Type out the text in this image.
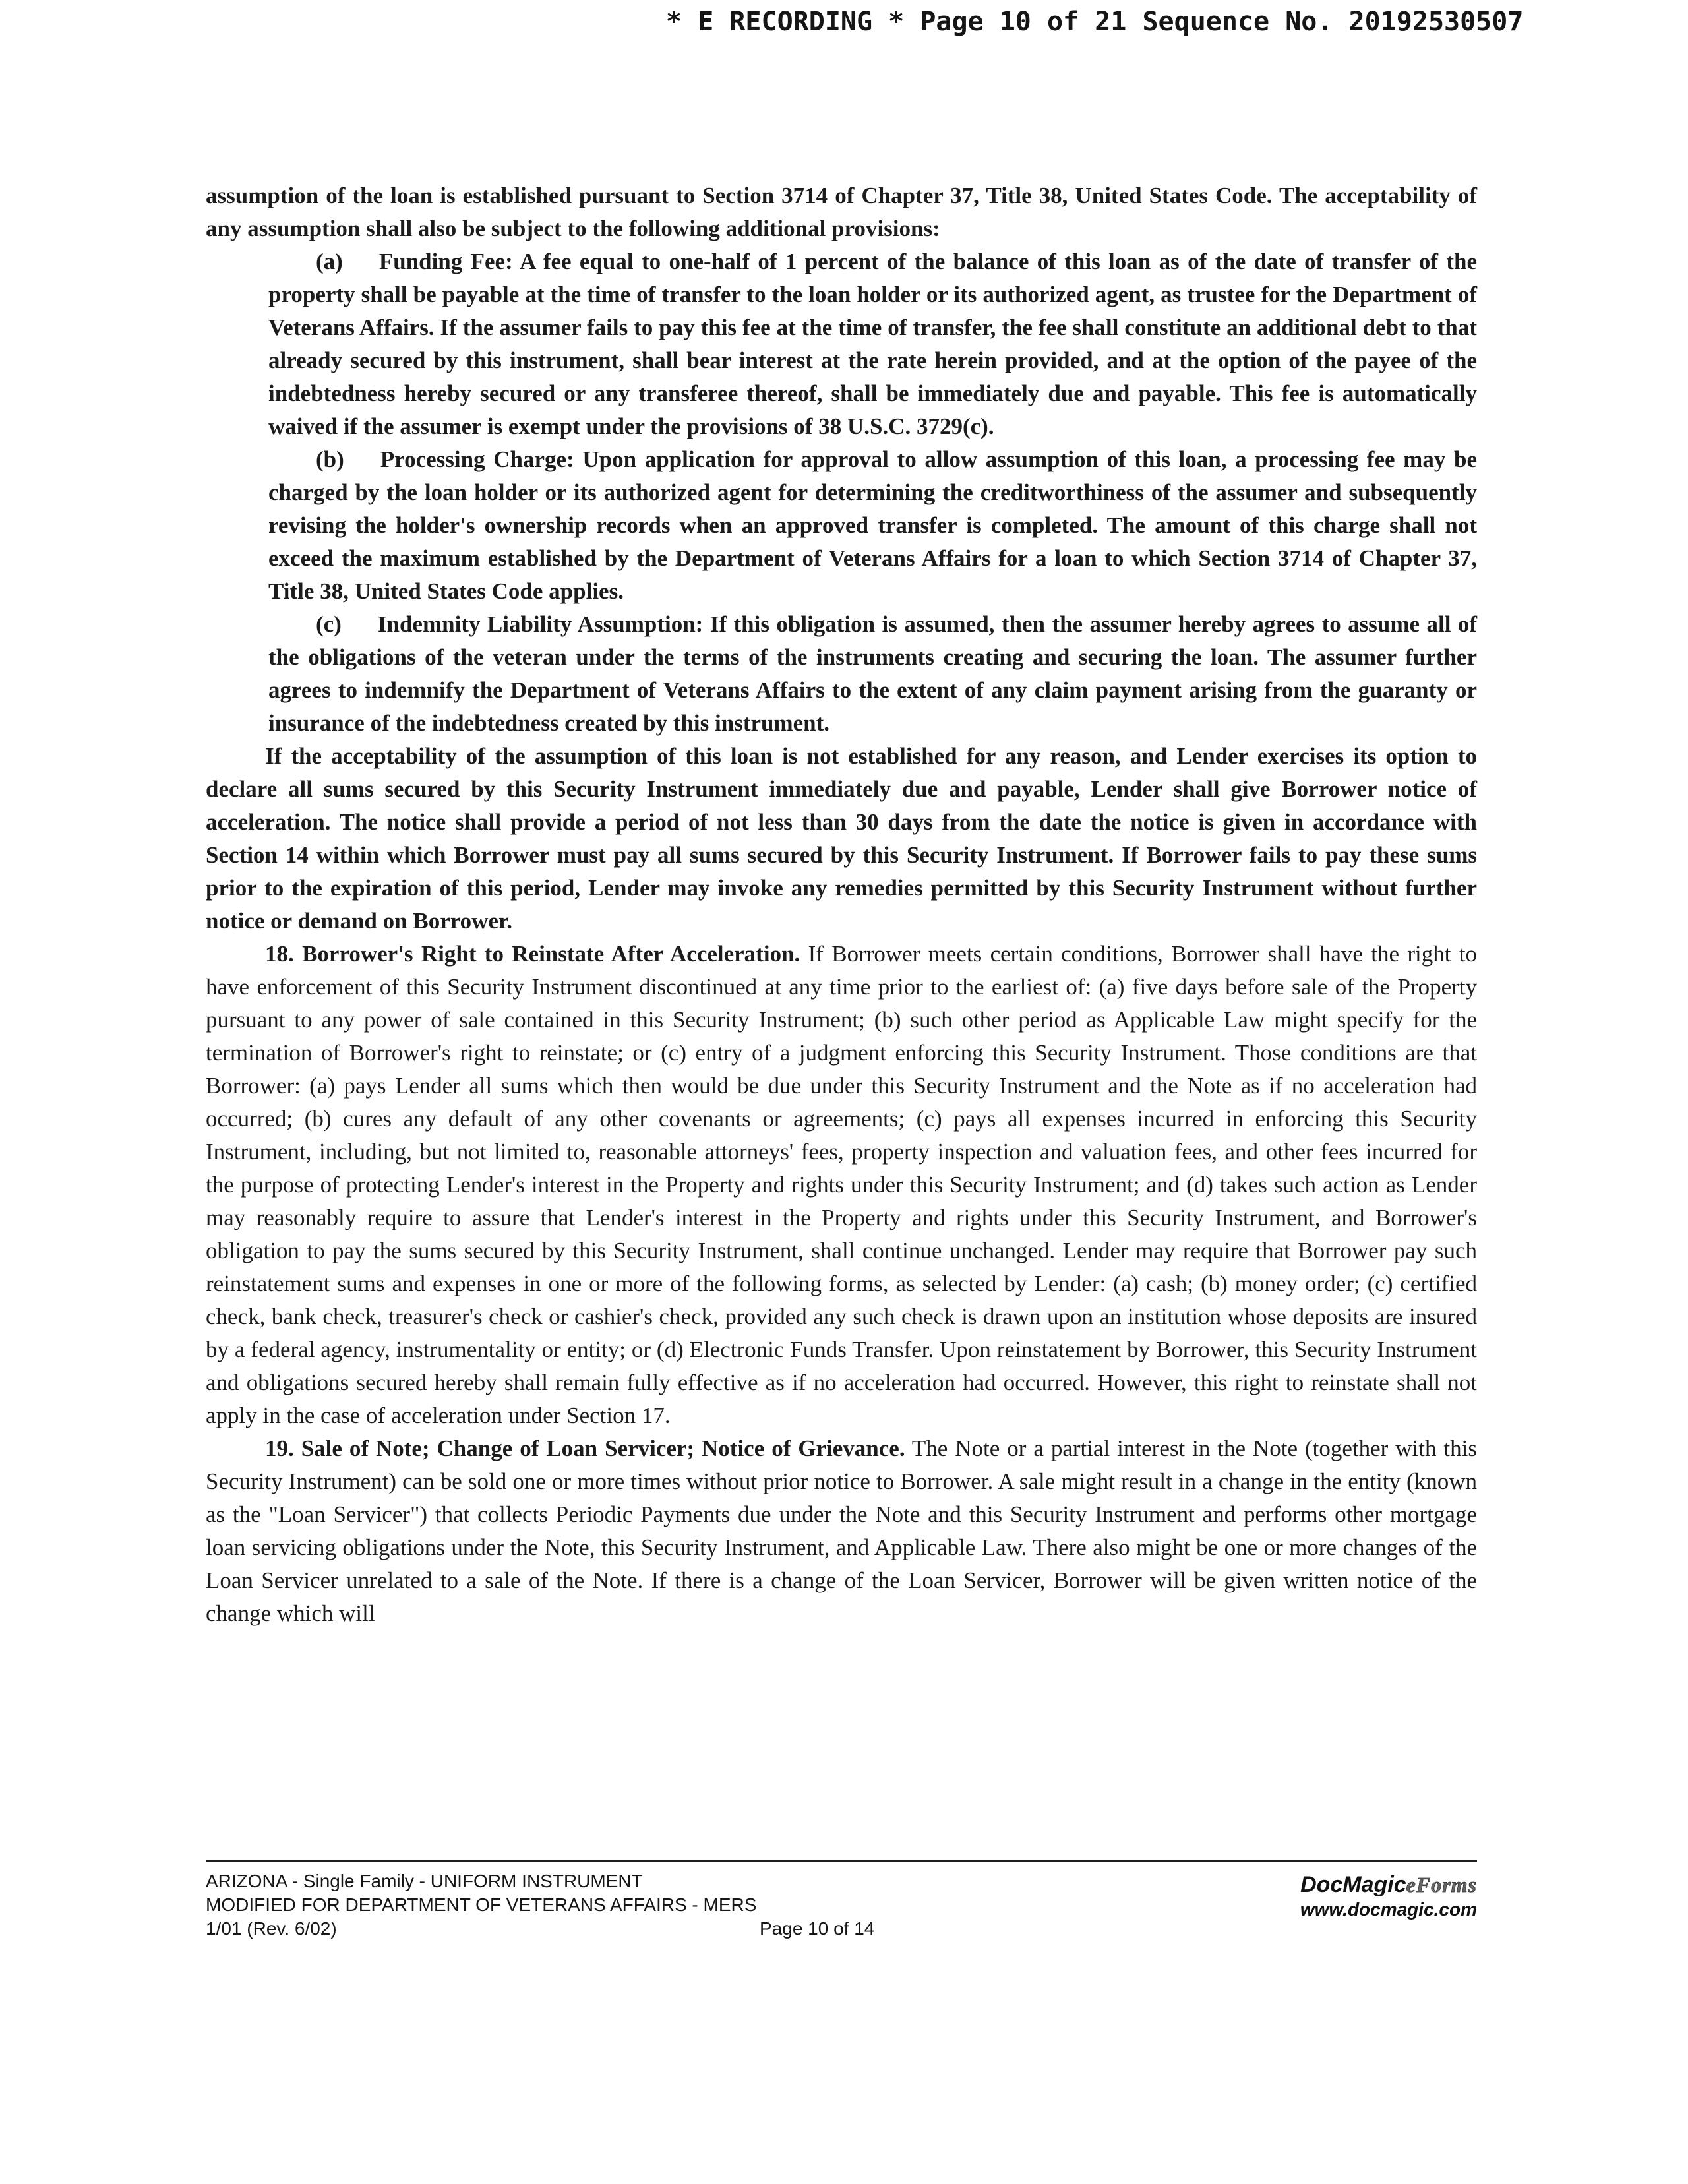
* E RECORDING * Page 10 of 21 Sequence No. 20192530507

assumption of the loan is established pursuant to Section 3714 of Chapter 37, Title 38, United States Code. The acceptability of any assumption shall also be subject to the following additional provisions:

(a) Funding Fee: A fee equal to one-half of 1 percent of the balance of this loan as of the date of transfer of the property shall be payable at the time of transfer to the loan holder or its authorized agent, as trustee for the Department of Veterans Affairs. If the assumer fails to pay this fee at the time of transfer, the fee shall constitute an additional debt to that already secured by this instrument, shall bear interest at the rate herein provided, and at the option of the payee of the indebtedness hereby secured or any transferee thereof, shall be immediately due and payable. This fee is automatically waived if the assumer is exempt under the provisions of 38 U.S.C. 3729(c).

(b) Processing Charge: Upon application for approval to allow assumption of this loan, a processing fee may be charged by the loan holder or its authorized agent for determining the creditworthiness of the assumer and subsequently revising the holder's ownership records when an approved transfer is completed. The amount of this charge shall not exceed the maximum established by the Department of Veterans Affairs for a loan to which Section 3714 of Chapter 37, Title 38, United States Code applies.

(c) Indemnity Liability Assumption: If this obligation is assumed, then the assumer hereby agrees to assume all of the obligations of the veteran under the terms of the instruments creating and securing the loan. The assumer further agrees to indemnify the Department of Veterans Affairs to the extent of any claim payment arising from the guaranty or insurance of the indebtedness created by this instrument.

If the acceptability of the assumption of this loan is not established for any reason, and Lender exercises its option to declare all sums secured by this Security Instrument immediately due and payable, Lender shall give Borrower notice of acceleration. The notice shall provide a period of not less than 30 days from the date the notice is given in accordance with Section 14 within which Borrower must pay all sums secured by this Security Instrument. If Borrower fails to pay these sums prior to the expiration of this period, Lender may invoke any remedies permitted by this Security Instrument without further notice or demand on Borrower.

18. Borrower's Right to Reinstate After Acceleration. If Borrower meets certain conditions, Borrower shall have the right to have enforcement of this Security Instrument discontinued at any time prior to the earliest of: (a) five days before sale of the Property pursuant to any power of sale contained in this Security Instrument; (b) such other period as Applicable Law might specify for the termination of Borrower's right to reinstate; or (c) entry of a judgment enforcing this Security Instrument. Those conditions are that Borrower: (a) pays Lender all sums which then would be due under this Security Instrument and the Note as if no acceleration had occurred; (b) cures any default of any other covenants or agreements; (c) pays all expenses incurred in enforcing this Security Instrument, including, but not limited to, reasonable attorneys' fees, property inspection and valuation fees, and other fees incurred for the purpose of protecting Lender's interest in the Property and rights under this Security Instrument; and (d) takes such action as Lender may reasonably require to assure that Lender's interest in the Property and rights under this Security Instrument, and Borrower's obligation to pay the sums secured by this Security Instrument, shall continue unchanged. Lender may require that Borrower pay such reinstatement sums and expenses in one or more of the following forms, as selected by Lender: (a) cash; (b) money order; (c) certified check, bank check, treasurer's check or cashier's check, provided any such check is drawn upon an institution whose deposits are insured by a federal agency, instrumentality or entity; or (d) Electronic Funds Transfer. Upon reinstatement by Borrower, this Security Instrument and obligations secured hereby shall remain fully effective as if no acceleration had occurred. However, this right to reinstate shall not apply in the case of acceleration under Section 17.

19. Sale of Note; Change of Loan Servicer; Notice of Grievance. The Note or a partial interest in the Note (together with this Security Instrument) can be sold one or more times without prior notice to Borrower. A sale might result in a change in the entity (known as the "Loan Servicer") that collects Periodic Payments due under the Note and this Security Instrument and performs other mortgage loan servicing obligations under the Note, this Security Instrument, and Applicable Law. There also might be one or more changes of the Loan Servicer unrelated to a sale of the Note. If there is a change of the Loan Servicer, Borrower will be given written notice of the change which will

ARIZONA - Single Family - UNIFORM INSTRUMENT
MODIFIED FOR DEPARTMENT OF VETERANS AFFAIRS - MERS
1/01 (Rev. 6/02)	Page 10 of 14
DocMagiceForms
www.docmagic.com
